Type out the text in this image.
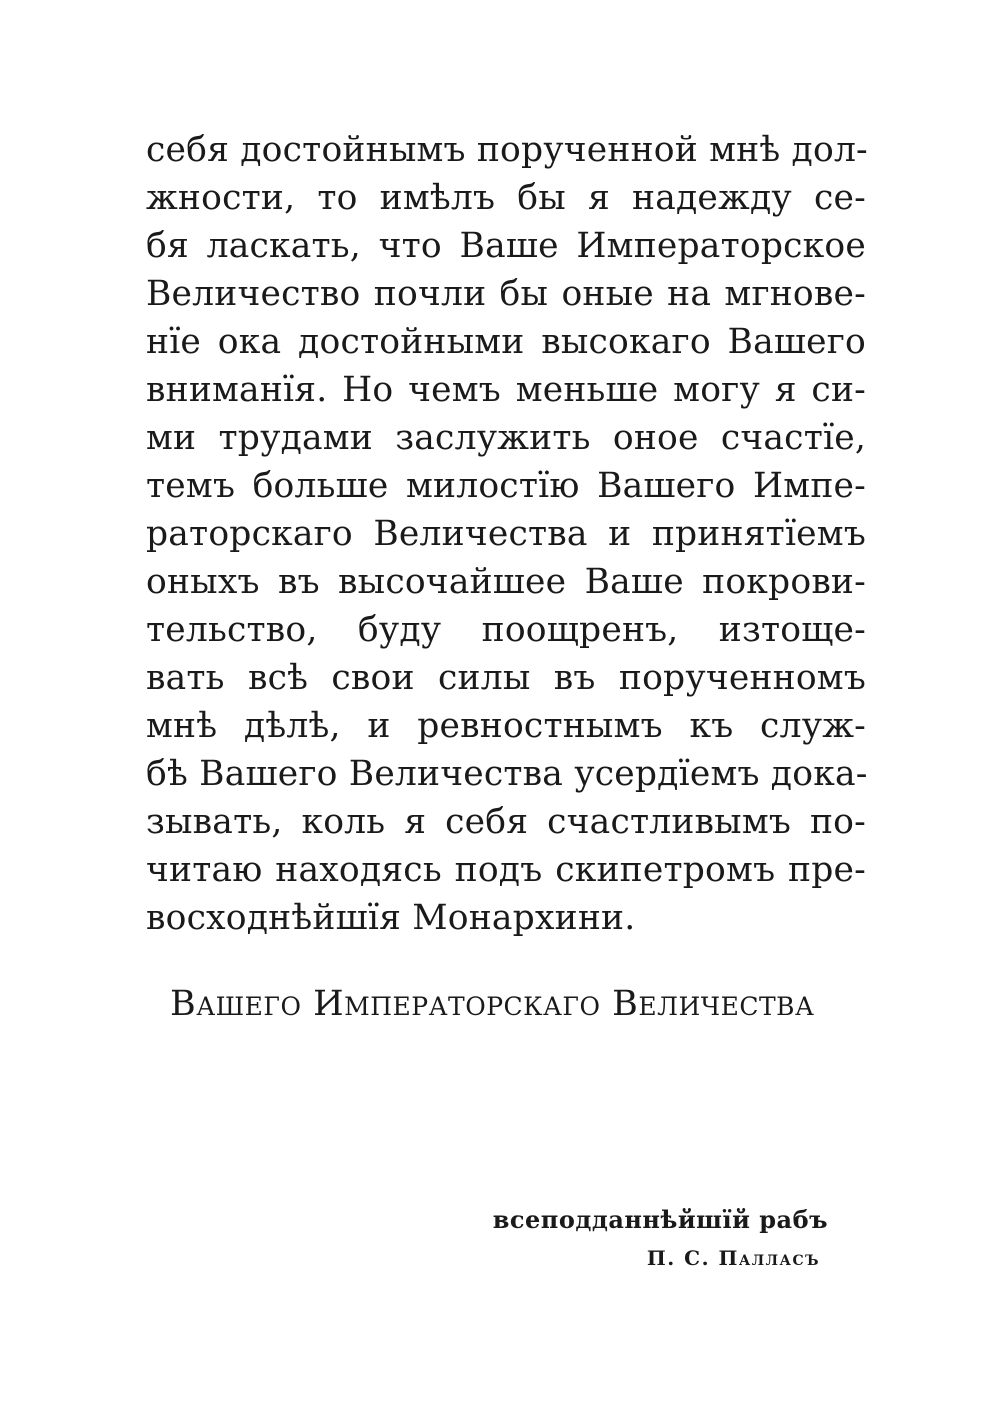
себя достойнымъ порученной мнѣ дол-
жности, то имѣлъ бы я надежду се-
бя ласкать, что Ваше Императорское
Величество почли бы оные на мгнове-
нїе ока достойными высокаго Вашего
вниманїя. Но чемъ меньше могу я си-
ми трудами заслужить оное счастїе,
темъ больше милостїю Вашего Импе-
раторскаго Величества и принятїемъ
оныхъ въ высочайшее Ваше покрови-
тельство, буду поощренъ, изтоще-
вать всѣ свои силы въ порученномъ
мнѣ дѣлѣ, и ревностнымъ къ служ-
бѣ Вашего Величества усердїемъ дока-
зывать, коль я себя счастливымъ по-
читаю находясь подъ скипетромъ пре-
восходнѣйшїя Монархини.
Вашего Императорскаго Величества
всеподданнѣйшїй рабъ
П. С. Палласъ
